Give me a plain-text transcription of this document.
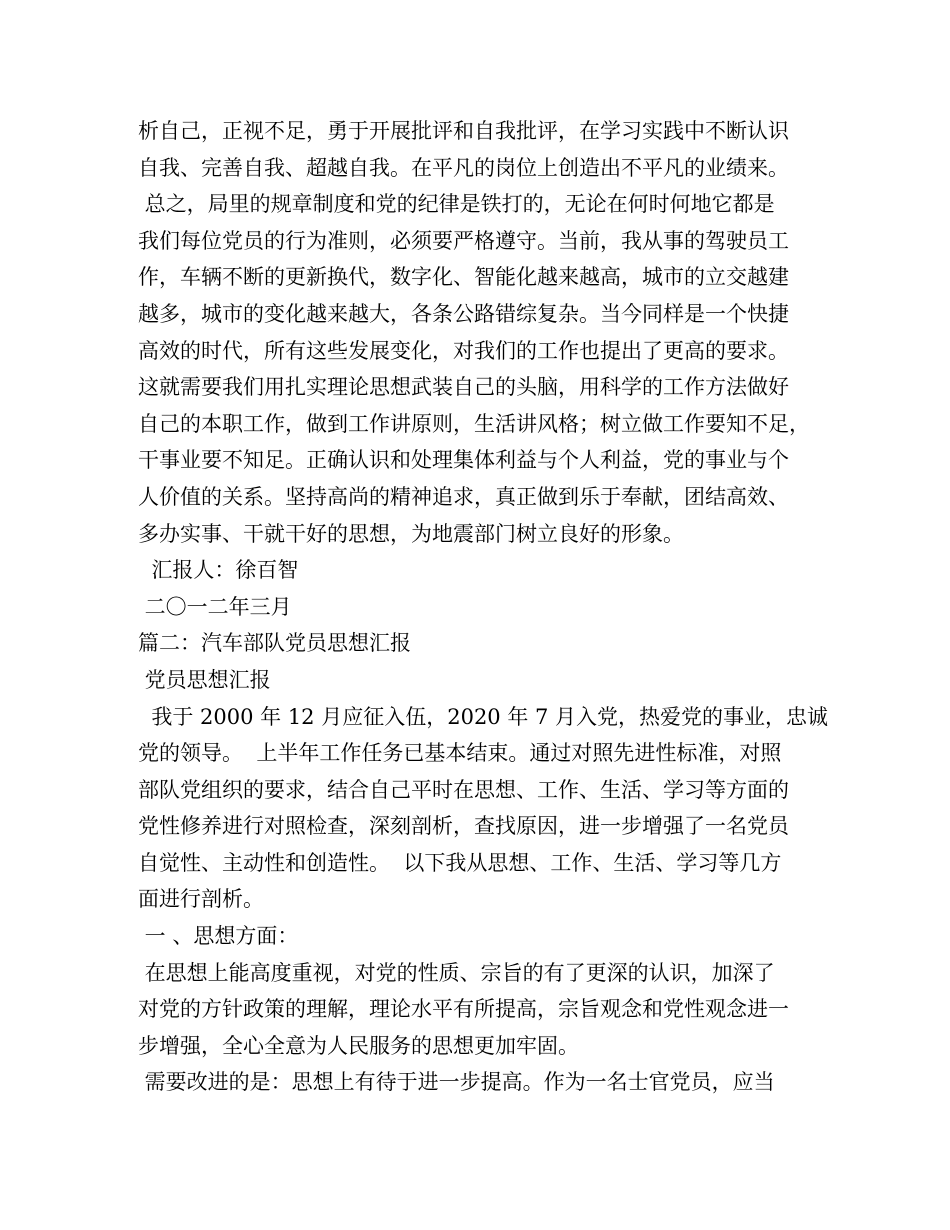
析自己，正视不足，勇于开展批评和自我批评，在学习实践中不断认识
自我、完善自我、超越自我。在平凡的岗位上创造出不平凡的业绩来。
总之，局里的规章制度和党的纪律是铁打的，无论在何时何地它都是
我们每位党员的行为准则，必须要严格遵守。当前，我从事的驾驶员工
作，车辆不断的更新换代，数字化、智能化越来越高，城市的立交越建
越多，城市的变化越来越大，各条公路错综复杂。当今同样是一个快捷
高效的时代，所有这些发展变化，对我们的工作也提出了更高的要求。
这就需要我们用扎实理论思想武装自己的头脑，用科学的工作方法做好
自己的本职工作，做到工作讲原则，生活讲风格；树立做工作要知不足，
干事业要不知足。正确认识和处理集体利益与个人利益，党的事业与个
人价值的关系。坚持高尚的精神追求，真正做到乐于奉献，团结高效、
多办实事、干就干好的思想，为地震部门树立良好的形象。
汇报人：徐百智
二〇一二年三月
篇二：汽车部队党员思想汇报
党员思想汇报
我于 2000 年 12 月应征入伍，2020 年 7 月入党，热爱党的事业，忠诚
党的领导。  上半年工作任务已基本结束。通过对照先进性标准，对照
部队党组织的要求，结合自己平时在思想、工作、生活、学习等方面的
党性修养进行对照检查，深刻剖析，查找原因，进一步增强了一名党员
自觉性、主动性和创造性。  以下我从思想、工作、生活、学习等几方
面进行剖析。
一 、思想方面：
在思想上能高度重视，对党的性质、宗旨的有了更深的认识，加深了
对党的方针政策的理解，理论水平有所提高，宗旨观念和党性观念进一
步增强，全心全意为人民服务的思想更加牢固。
需要改进的是：思想上有待于进一步提高。作为一名士官党员，应当
